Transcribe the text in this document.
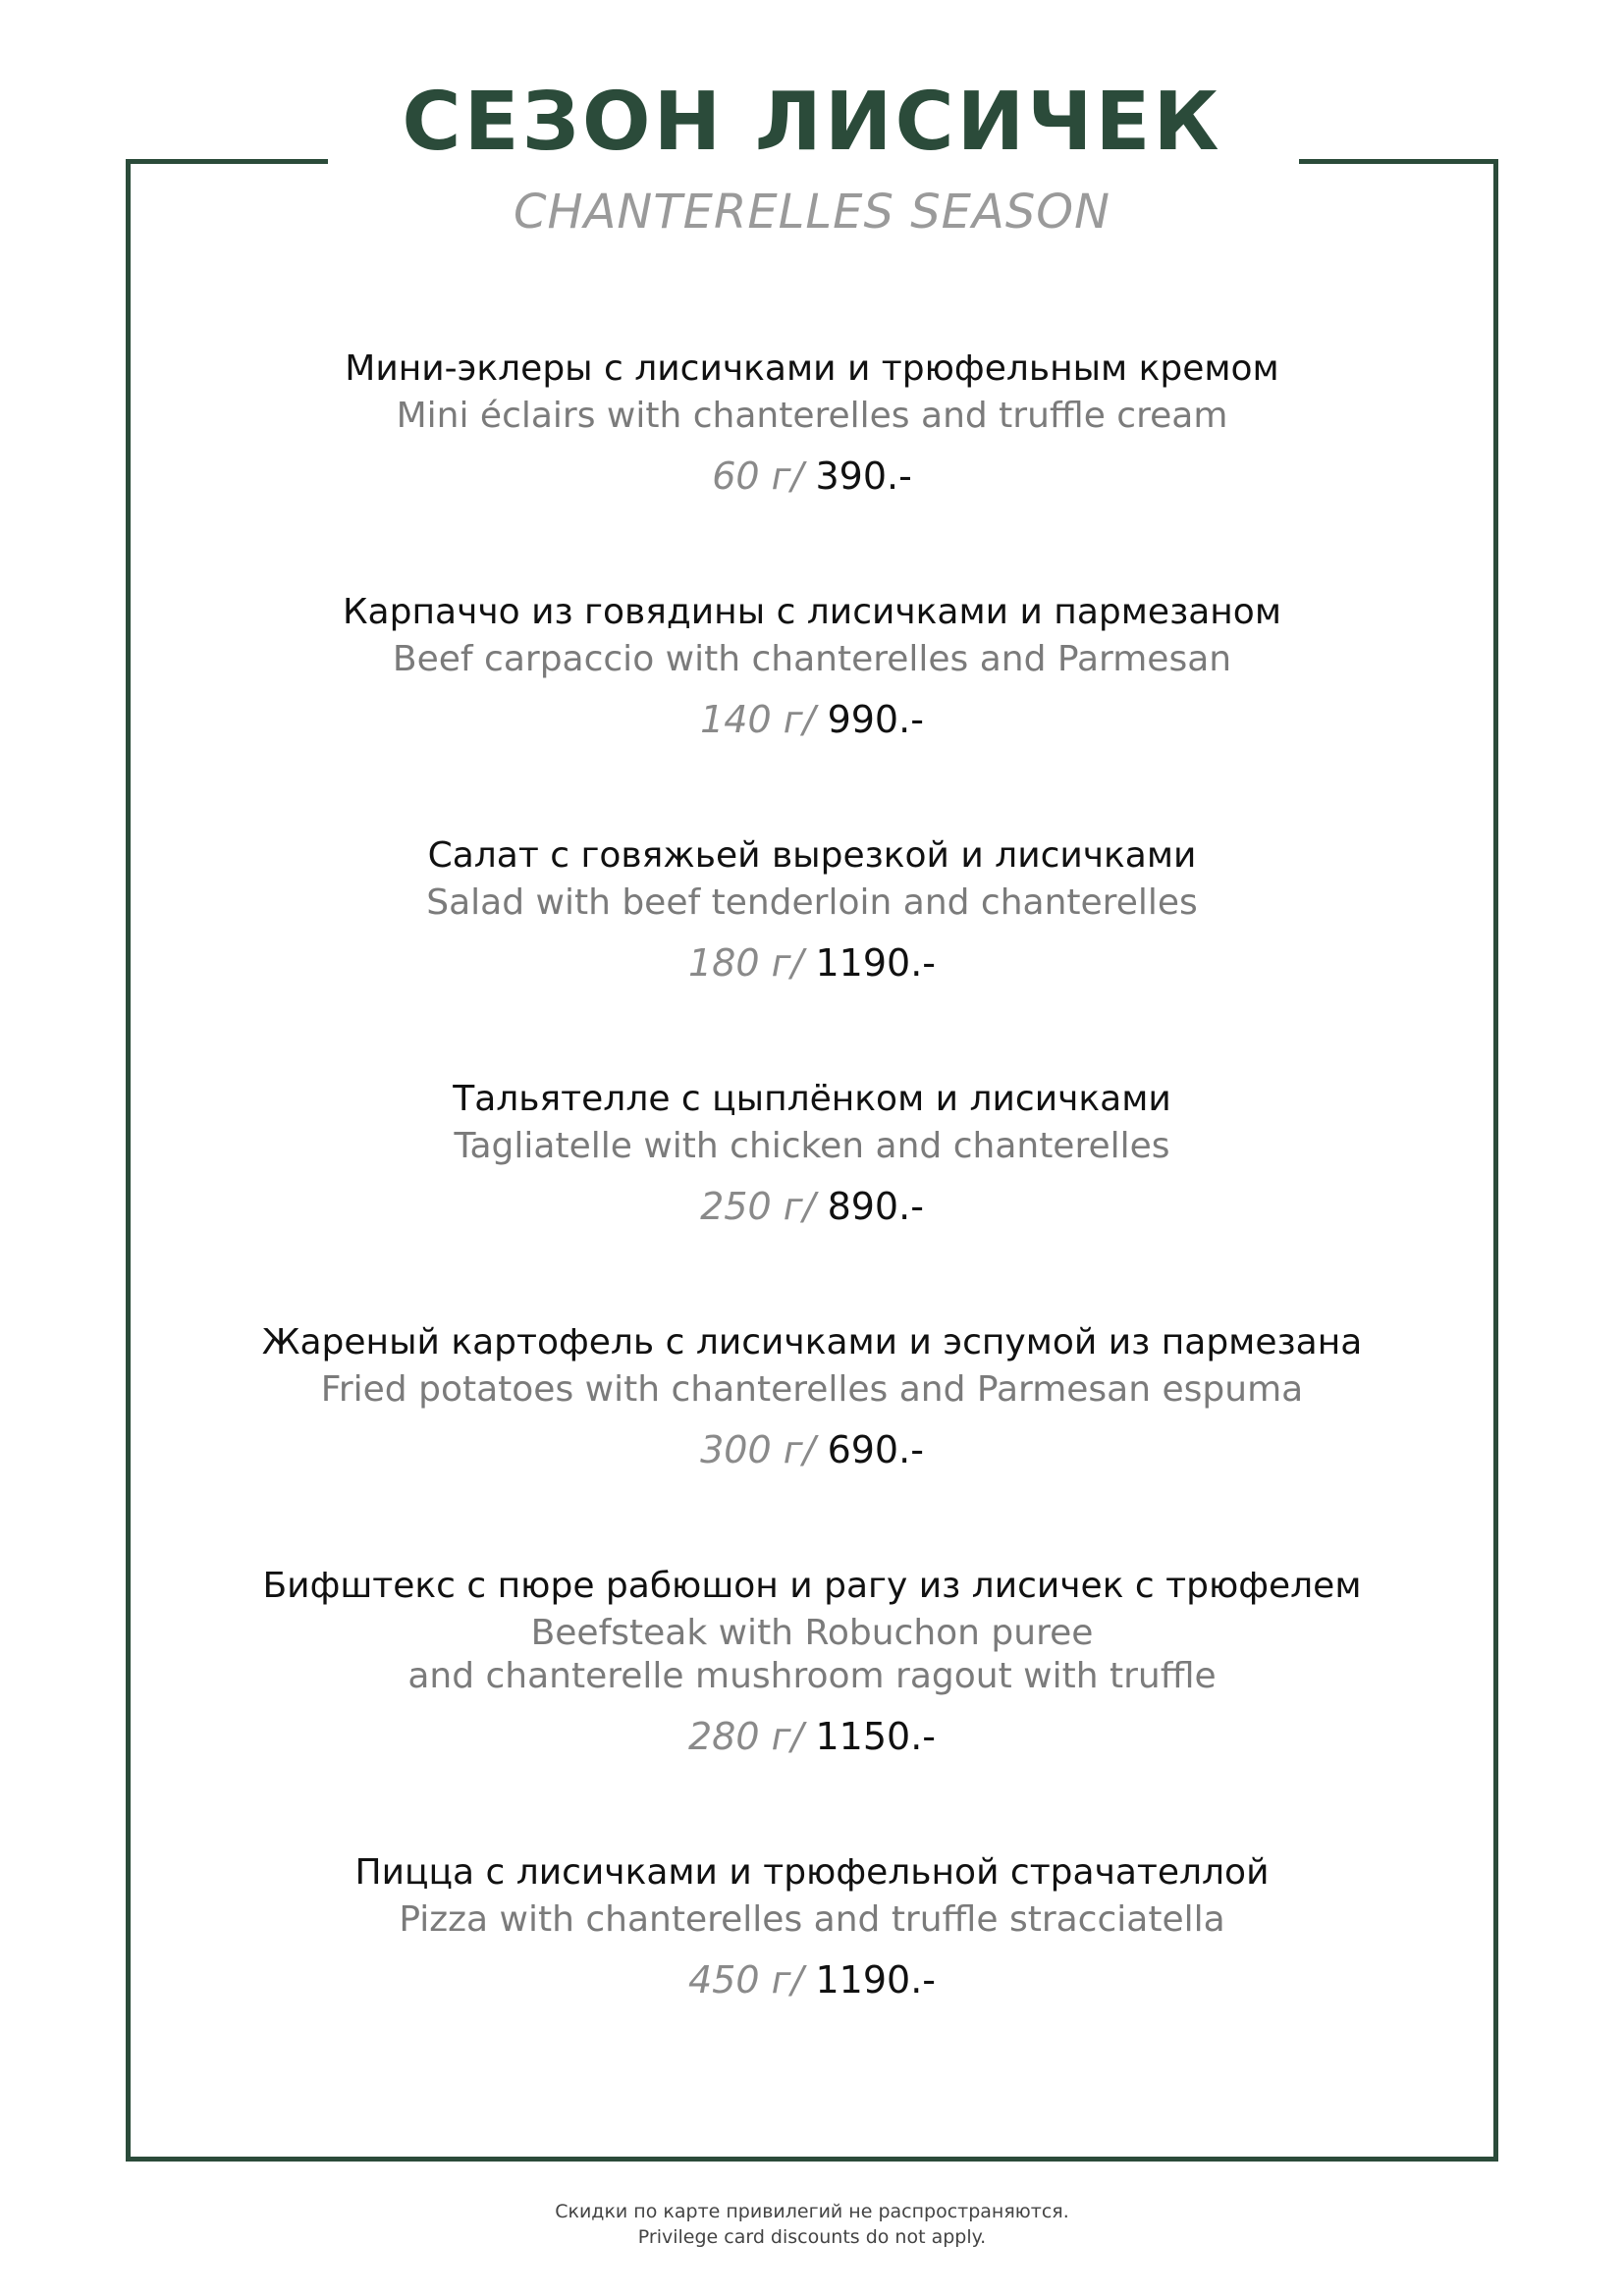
СЕЗОН ЛИСИЧЕК
CHANTERELLES SEASON
Мини-эклеры с лисичками и трюфельным кремом
Mini éclairs with chanterelles and truffle cream
60 г/ 390.-
Карпаччо из говядины с лисичками и пармезаном
Beef carpaccio with chanterelles and Parmesan
140 г/ 990.-
Салат с говяжьей вырезкой и лисичками
Salad with beef tenderloin and chanterelles
180 г/ 1190.-
Тальятелле с цыплёнком и лисичками
Tagliatelle with chicken and chanterelles
250 г/ 890.-
Жареный картофель с лисичками и эспумой из пармезана
Fried potatoes with chanterelles and Parmesan espuma
300 г/ 690.-
Бифштекс с пюре рабюшон и рагу из лисичек с трюфелем
Beefsteak with Robuchon puree
and chanterelle mushroom ragout with truffle
280 г/ 1150.-
Пицца с лисичками и трюфельной страчателлой
Pizza with chanterelles and truffle stracciatella
450 г/ 1190.-
Скидки по карте привилегий не распространяются.
Privilege card discounts do not apply.
